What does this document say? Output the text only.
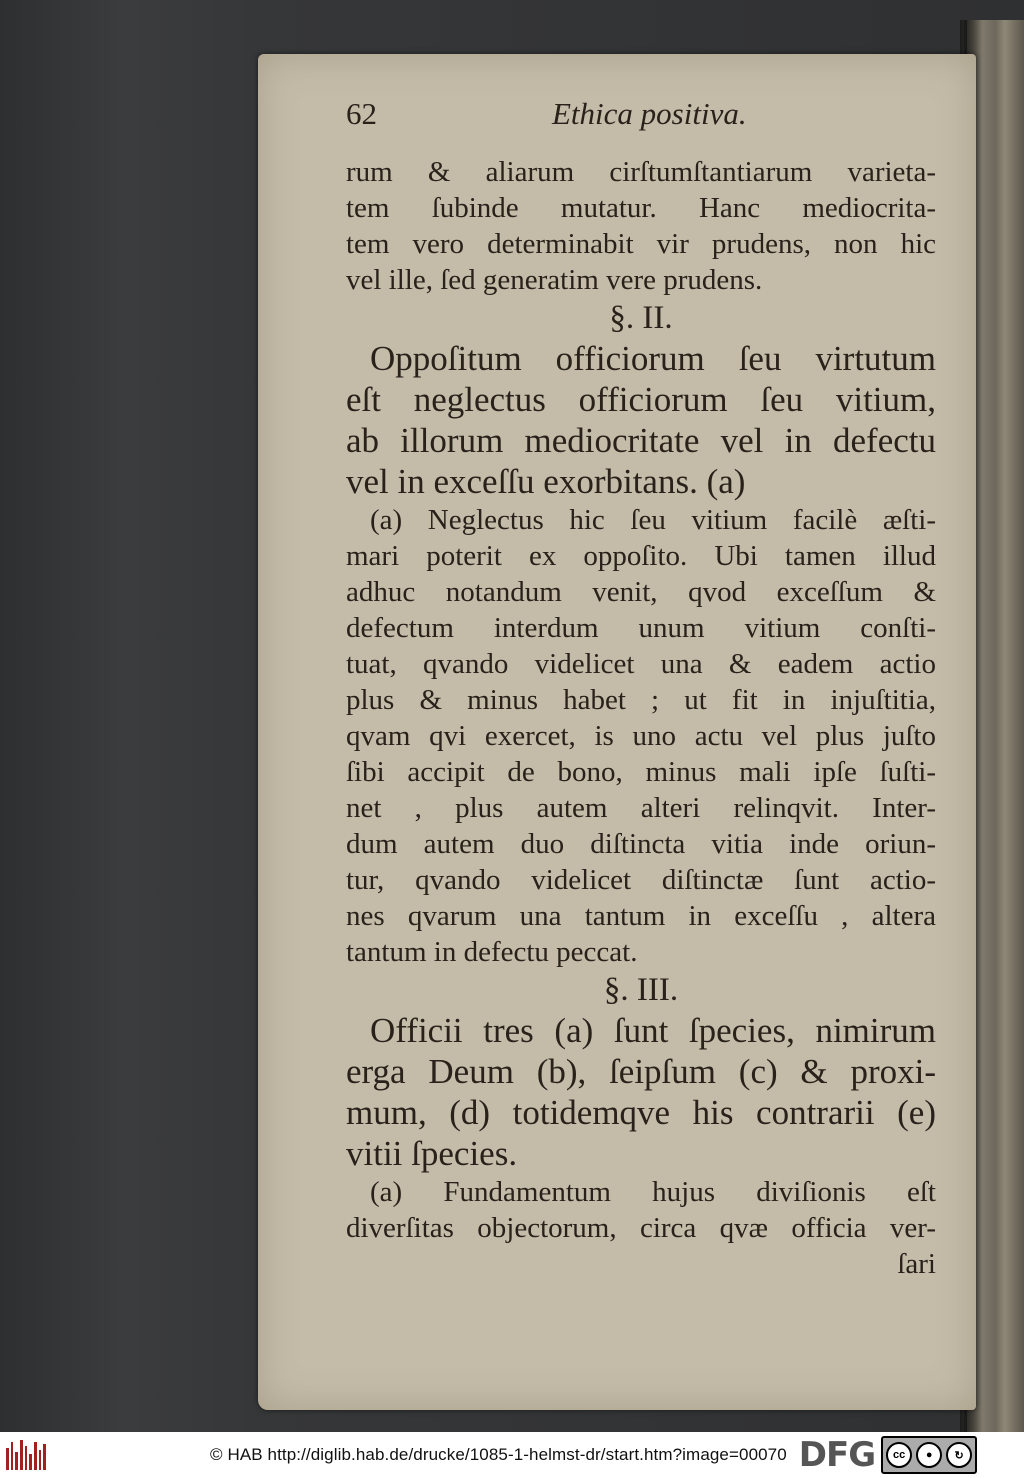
62	Ethica positiva.
rum & aliarum cirſtumſtantiarum varieta-
tem ſubinde mutatur. Hanc mediocrita-
tem vero determinabit vir prudens, non hic
vel ille, ſed generatim vere prudens.
§. II.
Oppoſitum officiorum ſeu virtutum
eſt neglectus officiorum ſeu vitium,
ab illorum mediocritate vel in defectu
vel in exceſſu exorbitans. (a)
(a) Neglectus hic ſeu vitium facilè æſti-
mari poterit ex oppoſito. Ubi tamen illud
adhuc notandum venit, qvod exceſſum &
defectum interdum unum vitium conſti-
tuat, qvando videlicet una & eadem actio
plus & minus habet ; ut fit in injuſtitia,
qvam qvi exercet, is uno actu vel plus juſto
ſibi accipit de bono, minus mali ipſe ſuſti-
net , plus autem alteri relinqvit. Inter-
dum autem duo diſtincta vitia inde oriun-
tur, qvando videlicet diſtinctæ ſunt actio-
nes qvarum una tantum in exceſſu , altera
tantum in defectu peccat.
§. III.
Officii tres (a) ſunt ſpecies, nimirum
erga Deum (b), ſeipſum (c) & proxi-
mum, (d) totidemqve his contrarii (e)
vitii ſpecies.
(a) Fundamentum hujus diviſionis eſt
diverſitas objectorum, circa qvæ officia ver-
ſari
© HAB http://diglib.hab.de/drucke/1085-1-helmst-dr/start.htm?image=00070 DFG	cc	●	↻
